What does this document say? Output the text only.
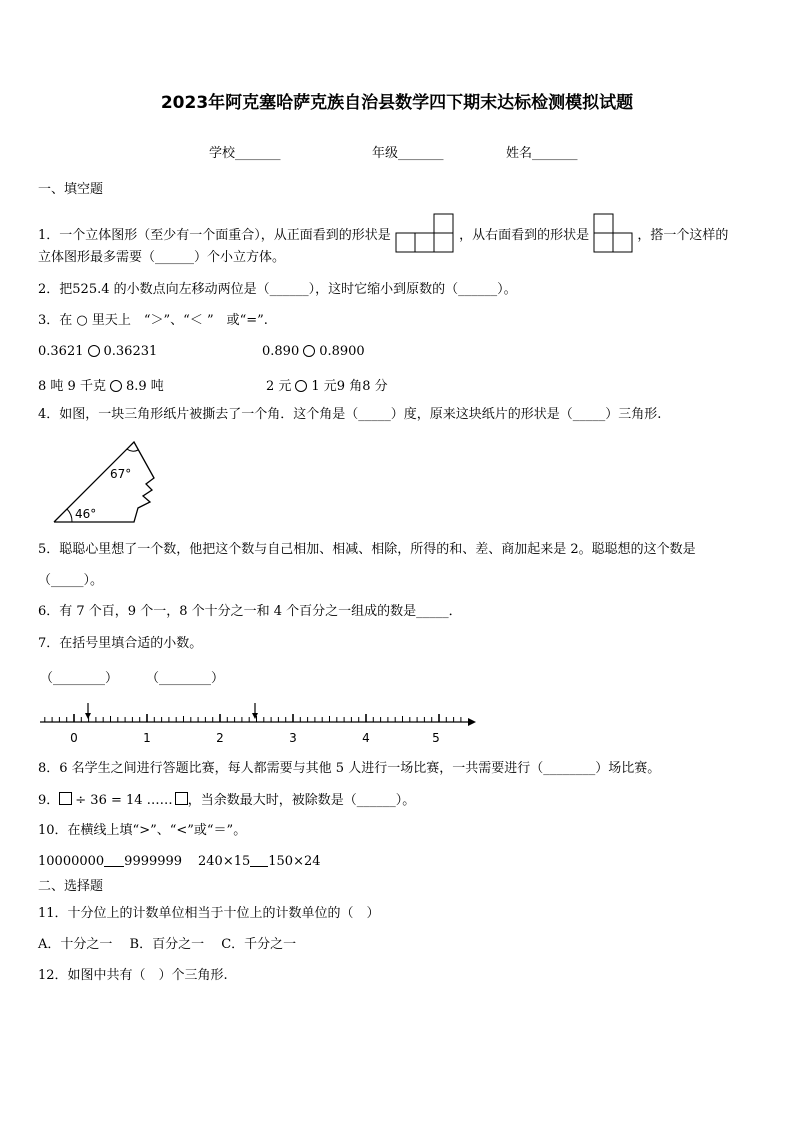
2023年阿克塞哈萨克族自治县数学四下期末达标检测模拟试题
学校_______	年级_______	姓名_______
一、填空题
1．一个立体图形（至少有一个面重合），从正面看到的形状是	，从右面看到的形状是	，搭一个这样的
立体图形最多需要（______）个小立方体。
2．把525.4 的小数点向左移动两位是（______），这时它缩小到原数的（______）。
3．在 ○ 里天上　“＞”、“＜ ”　或“=”.
0.3621 0.36231	0.890 0.8900
8 吨 9 千克 8.9 吨	2 元 1 元9 角8 分
4．如图，一块三角形纸片被撕去了一个角．这个角是（_____）度，原来这块纸片的形状是（_____）三角形.
67°
46°
5．聪聪心里想了一个数，他把这个数与自己相加、相减、相除，所得的和、差、商加起来是 2。聪聪想的这个数是
（_____）。
6．有 7 个百，9 个一，8 个十分之一和 4 个百分之一组成的数是_____．
7．在括号里填合适的小数。
（________） （________）
0	1	2	3	4	5
8．6 名学生之间进行答题比赛，每人都需要与其他 5 人进行一场比赛，一共需要进行（________）场比赛。
9． ÷ 36 = 14 …… ，当余数最大时，被除数是（______）。
10．在横线上填“>”、“<”或“＝”。
10000000 9999999 240×15 150×24
二、选择题
11．十分位上的计数单位相当于十位上的计数单位的（　）
A．十分之一　 B．百分之一　 C．千分之一
12．如图中共有（　）个三角形.
